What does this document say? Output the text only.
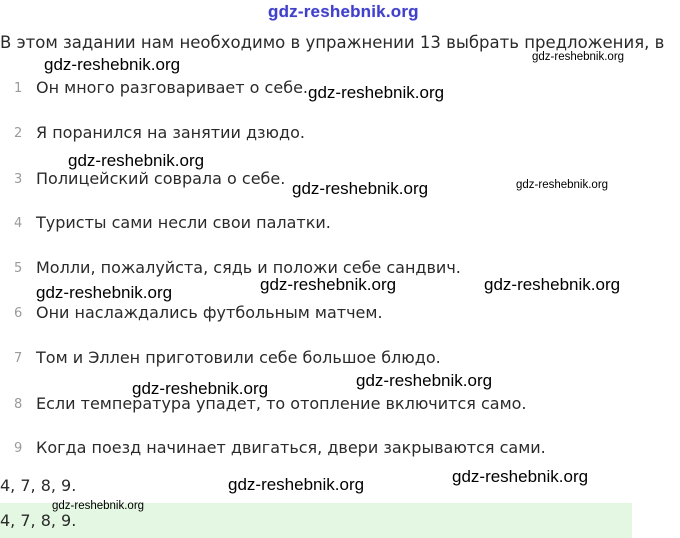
gdz-reshebnik.org
В этом задании нам необходимо в упражнении 13 выбрать предложения, в
1 Он много разговаривает о себе.
2 Я поранился на занятии дзюдо.
3 Полицейский соврала о себе.
4 Туристы сами несли свои палатки.
5 Молли, пожалуйста, сядь и положи себе сандвич.
6 Они наслаждались футбольным матчем.
7 Том и Эллен приготовили себе большое блюдо.
8 Если температура упадет, то отопление включится само.
9 Когда поезд начинает двигаться, двери закрываются сами.
4, 7, 8, 9.
4, 7, 8, 9.
gdz-reshebnik.org	gdz-reshebnik.org
gdz-reshebnik.org
gdz-reshebnik.org
gdz-reshebnik.org	gdz-reshebnik.org
gdz-reshebnik.org	gdz-reshebnik.org
gdz-reshebnik.org
gdz-reshebnik.org
gdz-reshebnik.org
gdz-reshebnik.org
gdz-reshebnik.org
gdz-reshebnik.org
